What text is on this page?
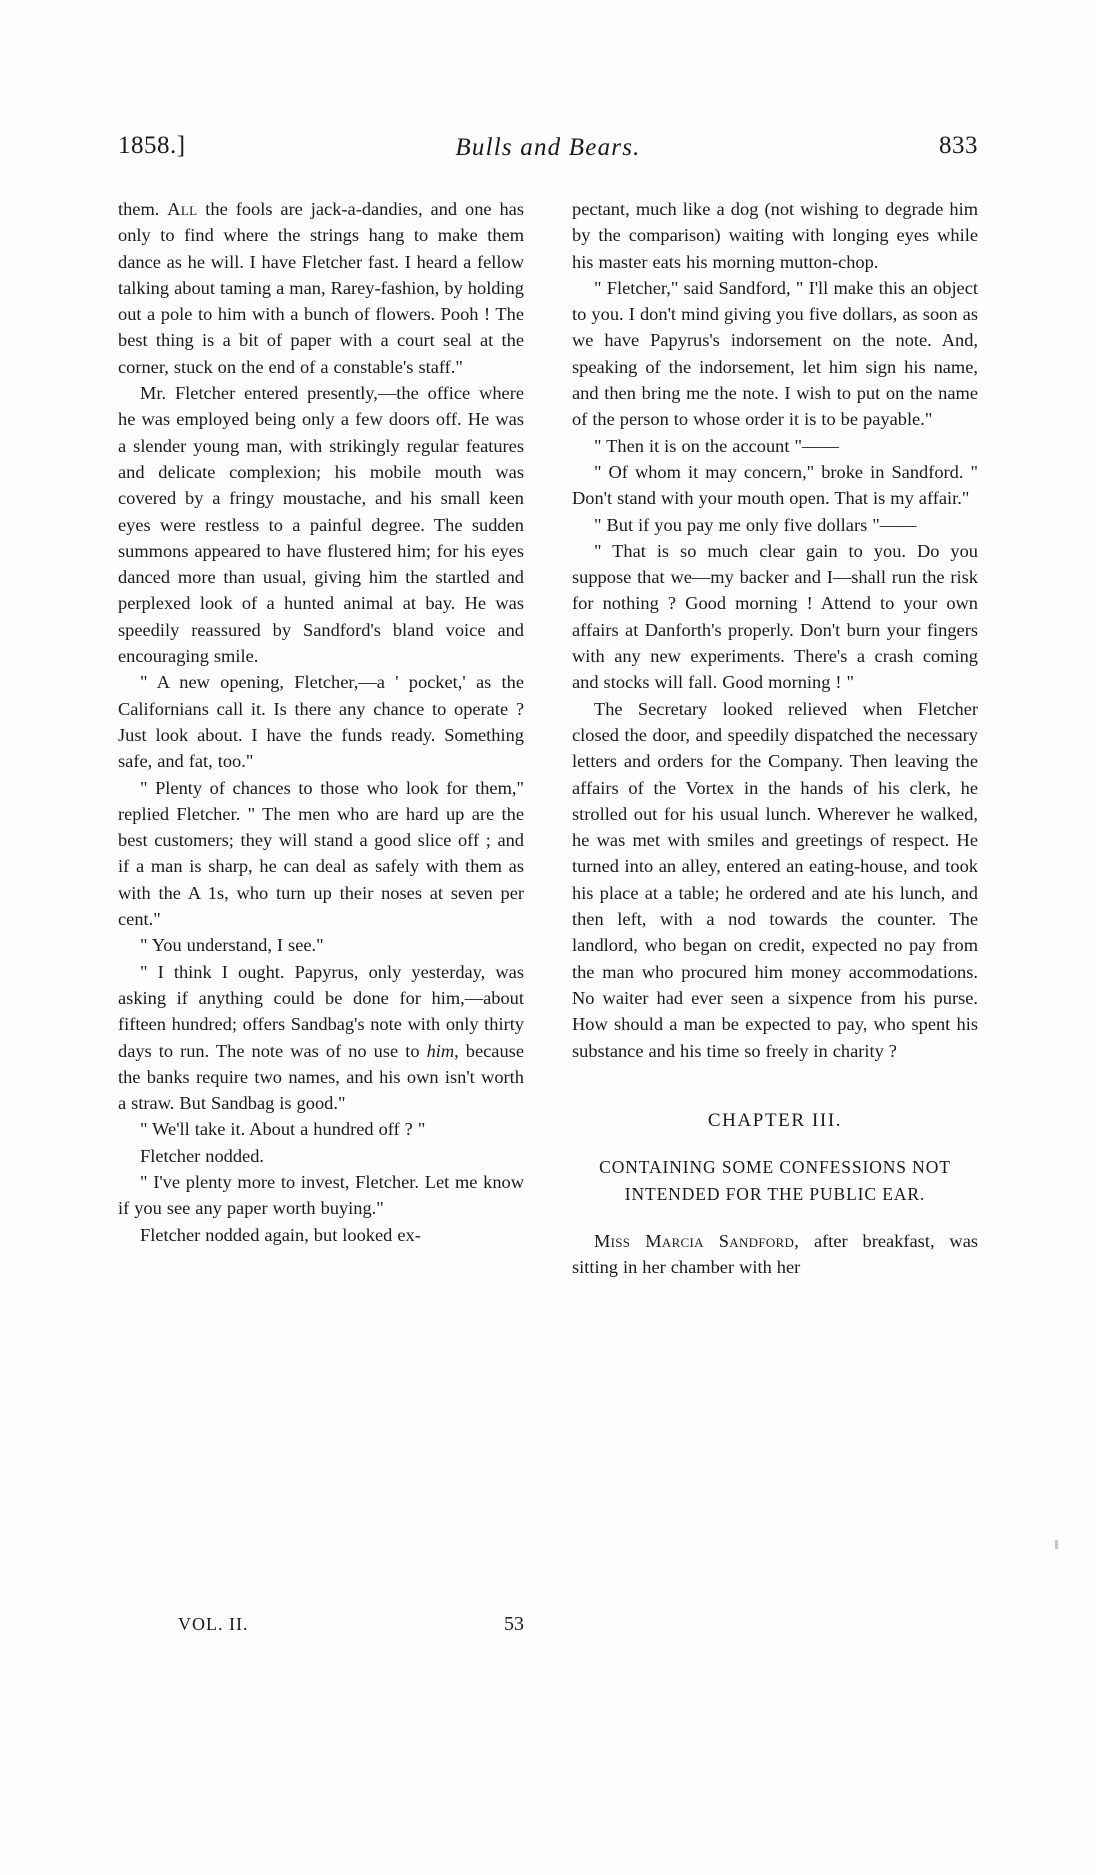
1858.]	Bulls and Bears.	833

them. All the fools are jack-a-dandies, and one has only to find where the strings hang to make them dance as he will. I have Fletcher fast. I heard a fellow talking about taming a man, Rarey-fashion, by holding out a pole to him with a bunch of flowers. Pooh ! The best thing is a bit of paper with a court seal at the corner, stuck on the end of a constable's staff."

Mr. Fletcher entered presently,—the office where he was employed being only a few doors off. He was a slender young man, with strikingly regular features and delicate complexion; his mobile mouth was covered by a fringy moustache, and his small keen eyes were restless to a painful degree. The sudden summons appeared to have flustered him; for his eyes danced more than usual, giving him the startled and perplexed look of a hunted animal at bay. He was speedily reassured by Sandford's bland voice and encouraging smile.

" A new opening, Fletcher,—a ' pocket,' as the Californians call it. Is there any chance to operate ? Just look about. I have the funds ready. Something safe, and fat, too."

" Plenty of chances to those who look for them," replied Fletcher. " The men who are hard up are the best customers; they will stand a good slice off ; and if a man is sharp, he can deal as safely with them as with the A 1s, who turn up their noses at seven per cent."

" You understand, I see."

" I think I ought. Papyrus, only yesterday, was asking if anything could be done for him,—about fifteen hundred; offers Sandbag's note with only thirty days to run. The note was of no use to him, because the banks require two names, and his own isn't worth a straw. But Sandbag is good."

" We'll take it. About a hundred off ? "

Fletcher nodded.

" I've plenty more to invest, Fletcher. Let me know if you see any paper worth buying."

Fletcher nodded again, but looked ex-

pectant, much like a dog (not wishing to degrade him by the comparison) waiting with longing eyes while his master eats his morning mutton-chop.

" Fletcher," said Sandford, " I'll make this an object to you. I don't mind giving you five dollars, as soon as we have Papyrus's indorsement on the note. And, speaking of the indorsement, let him sign his name, and then bring me the note. I wish to put on the name of the person to whose order it is to be payable."

" Then it is on the account "——

" Of whom it may concern," broke in Sandford. " Don't stand with your mouth open. That is my affair."

" But if you pay me only five dollars "——

" That is so much clear gain to you. Do you suppose that we—my backer and I—shall run the risk for nothing ? Good morning ! Attend to your own affairs at Danforth's properly. Don't burn your fingers with any new experiments. There's a crash coming and stocks will fall. Good morning ! "

The Secretary looked relieved when Fletcher closed the door, and speedily dispatched the necessary letters and orders for the Company. Then leaving the affairs of the Vortex in the hands of his clerk, he strolled out for his usual lunch. Wherever he walked, he was met with smiles and greetings of respect. He turned into an alley, entered an eating-house, and took his place at a table; he ordered and ate his lunch, and then left, with a nod towards the counter. The landlord, who began on credit, expected no pay from the man who procured him money accommodations. No waiter had ever seen a sixpence from his purse. How should a man be expected to pay, who spent his substance and his time so freely in charity ?

CHAPTER III.
CONTAINING SOME CONFESSIONS NOT
INTENDED FOR THE PUBLIC EAR.

Miss Marcia Sandford, after breakfast, was sitting in her chamber with her

VOL. II.	53
